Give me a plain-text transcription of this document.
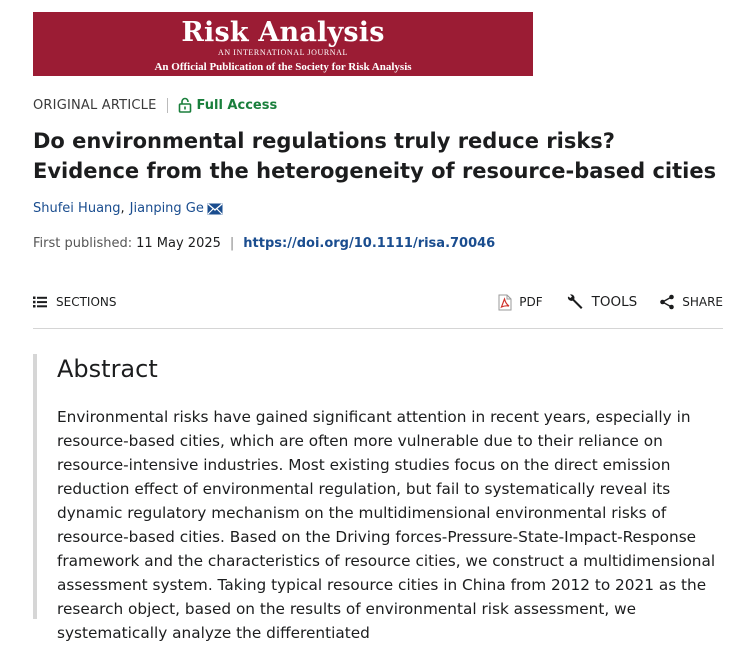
Risk Analysis
AN INTERNATIONAL JOURNAL
An Official Publication of the Society for Risk Analysis
ORIGINAL ARTICLE	Full Access
Do environmental regulations truly reduce risks? Evidence from the heterogeneity of resource-based cities
Shufei Huang , Jianping Ge
First published: 11 May 2025 | https://doi.org/10.1111/risa.70046
SECTIONS	PDF	TOOLS	SHARE
Abstract

Environmental risks have gained significant attention in recent years, especially in resource-based cities, which are often more vulnerable due to their reliance on resource-intensive industries. Most existing studies focus on the direct emission reduction effect of environmental regulation, but fail to systematically reveal its dynamic regulatory mechanism on the multidimensional environmental risks of resource-based cities. Based on the Driving forces-Pressure-State-Impact-Response framework and the characteristics of resource cities, we construct a multidimensional assessment system. Taking typical resource cities in China from 2012 to 2021 as the research object, based on the results of environmental risk assessment, we systematically analyze the differentiated
